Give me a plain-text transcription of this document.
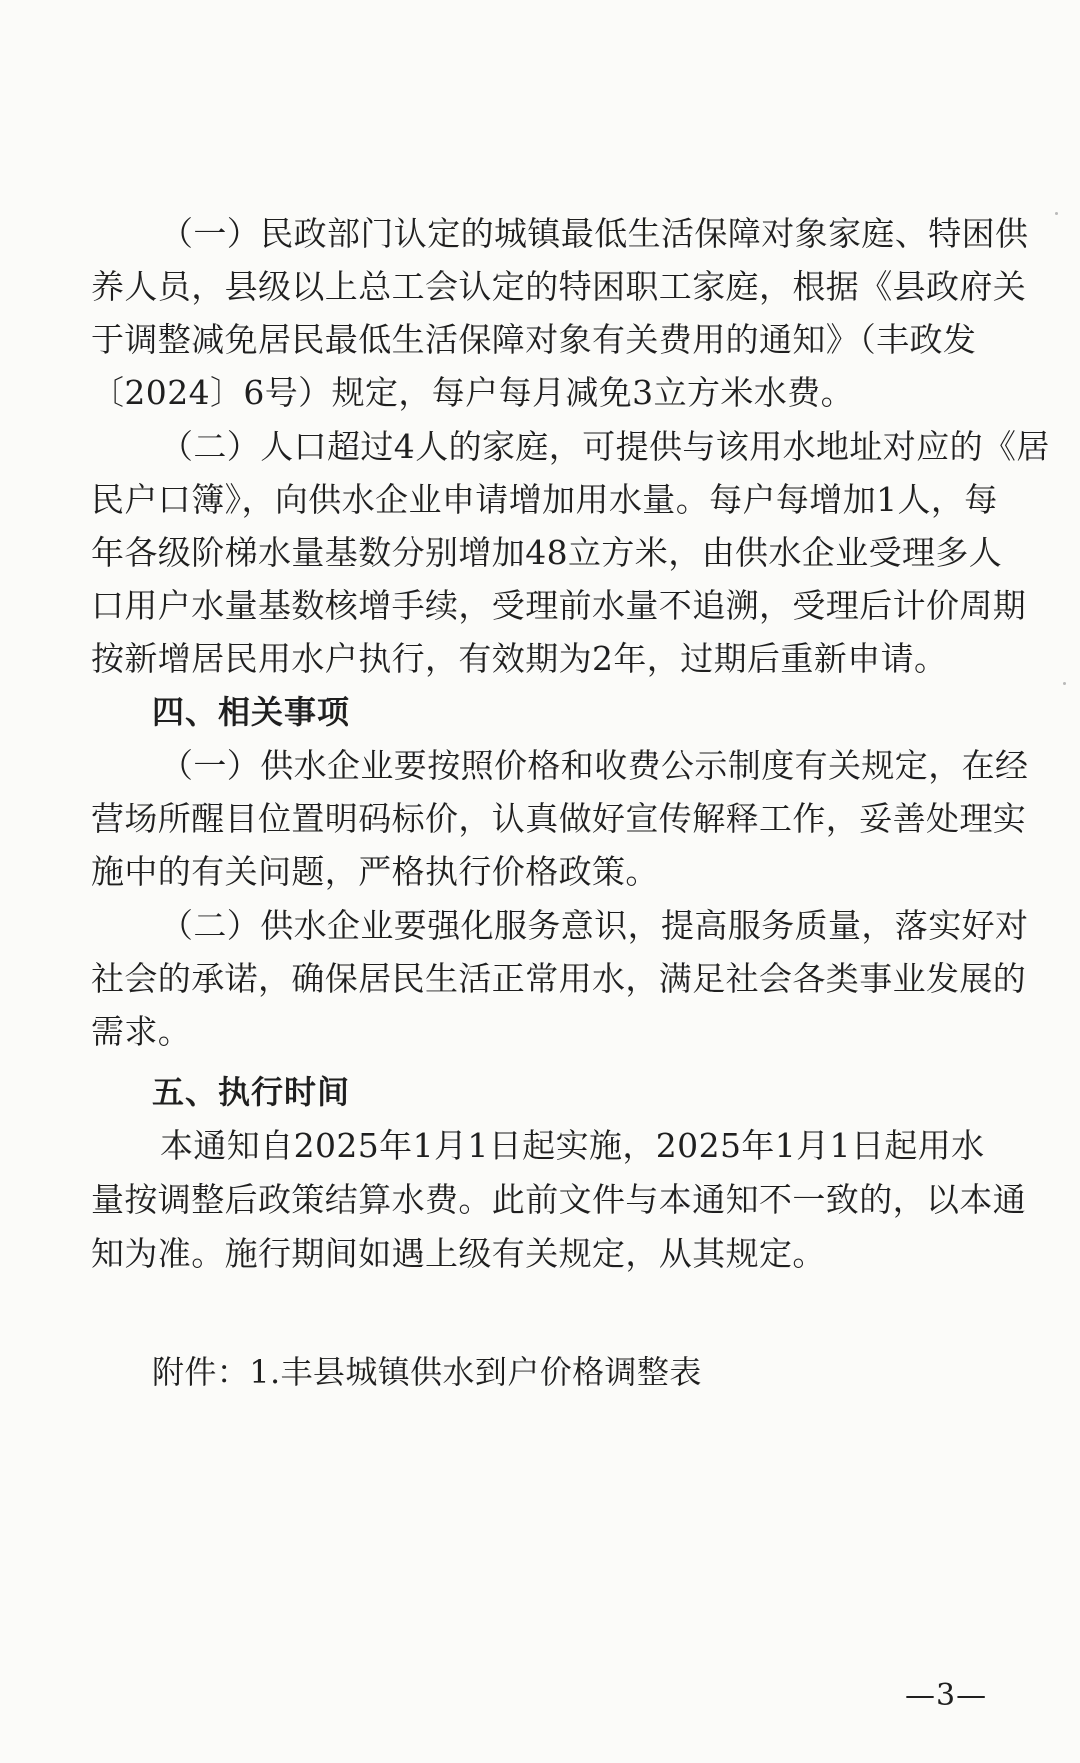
（一）民政部门认定的城镇最低生活保障对象家庭、特困供

养人员，县级以上总工会认定的特困职工家庭，根据《县政府关

于调整减免居民最低生活保障对象有关费用的通知》（丰政发

〔2024〕6号）规定，每户每月减免3立方米水费。

（二）人口超过4人的家庭，可提供与该用水地址对应的《居

民户口簿》，向供水企业申请增加用水量。每户每增加1人，每

年各级阶梯水量基数分别增加48立方米，由供水企业受理多人

口用户水量基数核增手续，受理前水量不追溯，受理后计价周期

按新增居民用水户执行，有效期为2年，过期后重新申请。

四、相关事项

（一）供水企业要按照价格和收费公示制度有关规定，在经

营场所醒目位置明码标价，认真做好宣传解释工作，妥善处理实

施中的有关问题，严格执行价格政策。

（二）供水企业要强化服务意识，提高服务质量，落实好对

社会的承诺，确保居民生活正常用水，满足社会各类事业发展的

需求。

五、执行时间

本通知自2025年1月1日起实施，2025年1月1日起用水

量按调整后政策结算水费。此前文件与本通知不一致的，以本通

知为准。施行期间如遇上级有关规定，从其规定。

附件：1.丰县城镇供水到户价格调整表

—3—
